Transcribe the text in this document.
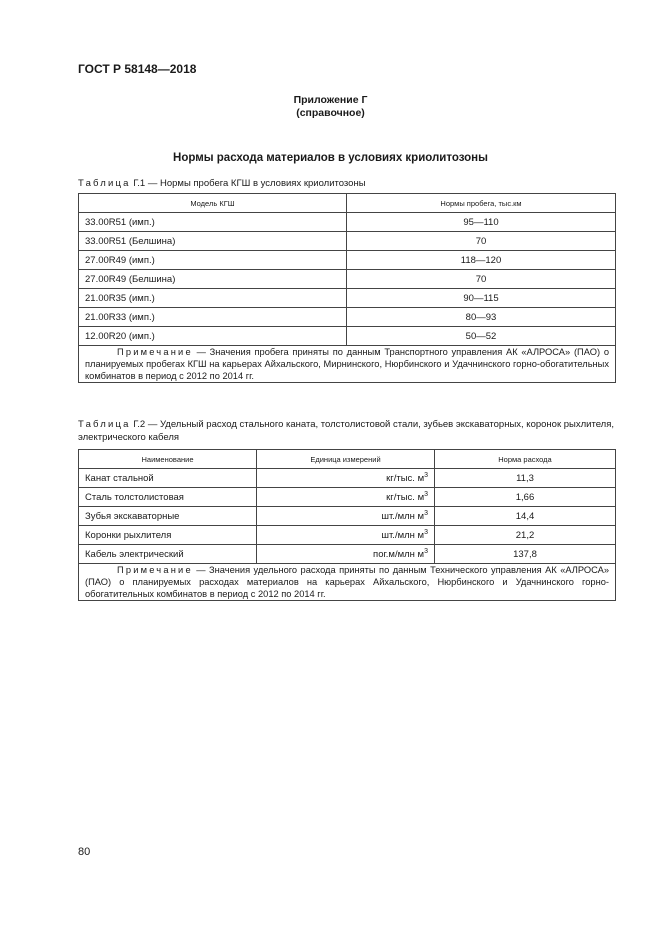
ГОСТ Р 58148—2018
Приложение Г
(справочное)
Нормы расхода материалов в условиях криолитозоны
Таблица Г.1 — Нормы пробега КГШ в условиях криолитозоны
Модель КГШ	Нормы пробега, тыс.км
33.00R51 (имп.)	95—110
33.00R51 (Белшина)	70
27.00R49 (имп.)	118—120
27.00R49 (Белшина)	70
21.00R35 (имп.)	90—115
21.00R33 (имп.)	80—93
12.00R20 (имп.)	50—52
Примечание — Значения пробега приняты по данным Транспортного управления АК «АЛРОСА» (ПАО) о планируемых пробегах КГШ на карьерах Айхальского, Мирнинского, Нюрбинского и Удачнинского горно-обогатительных комбинатов в период с 2012 по 2014 гг.	
Таблица Г.2 — Удельный расход стального каната, толстолистовой стали, зубьев экскаваторных, коронок рыхлителя, электрического кабеля
Наименование	Единица измерений	Норма расхода
Канат стальной	кг/тыс. $м^3$	11,3
Сталь толстолистовая	кг/тыс. $м^3$	1,66
Зубья экскаваторные	шт./млн $м^3$	14,4
Коронки рыхлителя	шт./млн $м^3$	21,2
Кабель электрический	пог.м/млн $м^3$	137,8
Примечание — Значения удельного расхода приняты по данным Технического управления АК «АЛРОСА» (ПАО) о планируемых расходах материалов на карьерах Айхальского, Нюрбинского и Удачнинского горно-обогатительных комбинатов в период с 2012 по 2014 гг.		
80
